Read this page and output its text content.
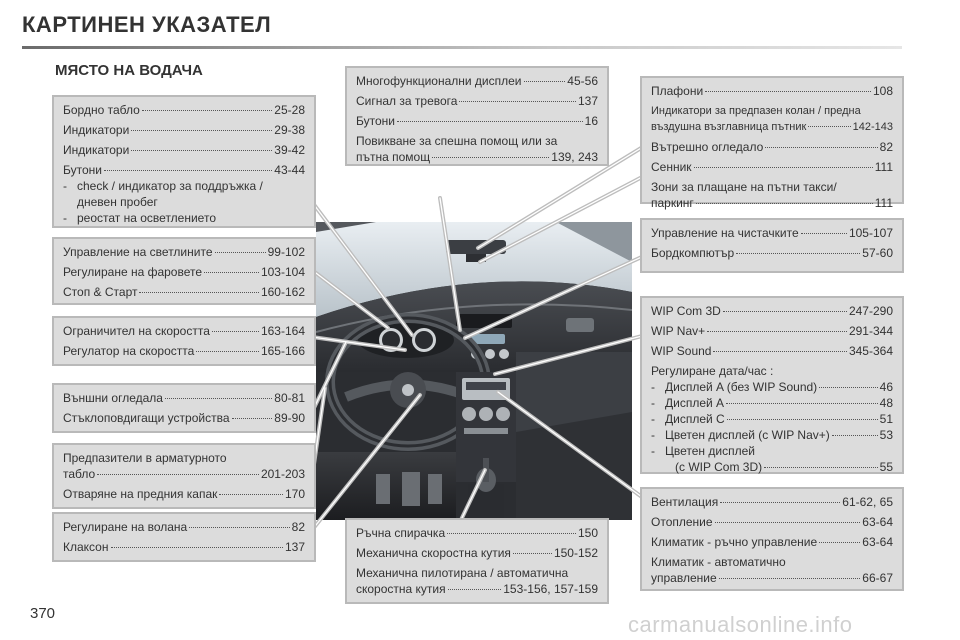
КАРТИНЕН УКАЗАТЕЛ
МЯСТО НА ВОДАЧА
Бордно табло	25-28
Индикатори	29-38
Индикатори	39-42
Бутони	43-44
- check / индикатор за поддръжка / дневен пробег
- реостат на осветлението
Управление на светлините	99-102
Регулиране на фаровете	103-104
Стоп & Старт	160-162
Ограничител на скоростта	163-164
Регулатор на скоростта	165-166
Външни огледала	80-81
Стъклоповдигащи устройства	89-90
Предпазители в арматурното
табло	201-203
Отваряне на предния капак	170
Регулиране на волана	82
Клаксон	137
Многофункционални дисплеи	45-56
Сигнал за тревога	137
Бутони	16
Повикване за спешна помощ или за
пътна помощ	139, 243
Ръчна спирачка	150
Механична скоростна кутия	150-152
Механична пилотирана / автоматична
скоростна кутия	153-156, 157-159
Плафони	108
Индикатори за предпазен колан / предна
въздушна възглавница пътник	142-143
Вътрешно огледало	82
Сенник	111
Зони за плащане на пътни такси/
паркинг	111
Управление на чистачките	105-107
Бордкомпютър	57-60
WIP Com 3D	247-290
WIP Nav+	291-344
WIP Sound	345-364
Регулиране дата/час :
- Дисплей A (без WIP Sound)	46
- Дисплей A	48
- Дисплей C	51
- Цветен дисплей (с WIP Nav+)	53
- Цветен дисплей
(с WIP Com 3D)	55
Вентилация	61-62, 65
Отопление	63-64
Климатик - ръчно управление	63-64
Климатик - автоматично
управление	66-67
370	carmanualsonline.info
